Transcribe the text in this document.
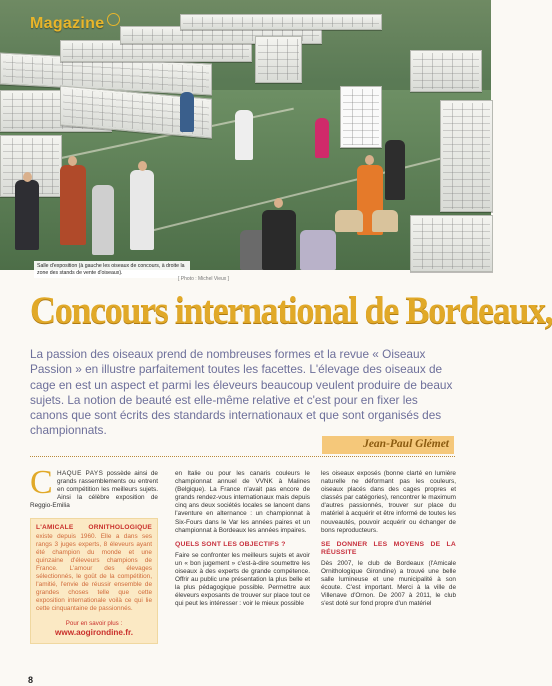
Magazine
Salle d'exposition (à gauche les oiseaux de concours, à droite la zone des stands de vente d'oiseaux).
[ Photo : Michel Vieux ]
Concours international de Bordeaux,

La passion des oiseaux prend de nombreuses formes et la revue « Oiseaux Passion » en illustre parfaitement toutes les facettes. L'élevage des oiseaux de cage en est un aspect et parmi les éleveurs beaucoup veulent produire de beaux sujets. La notion de beauté est elle-même relative et c'est pour en fixer les canons que sont écrits des standards internationaux et que sont organisés des championnats.

Jean-Paul Glémet

C HAQUE PAYS possède ainsi de grands rassemblements ou entrent en compétition les meilleurs sujets. Ainsi la célèbre exposition de Reggio-Emilia

L'AMICALE ORNITHOLOGIQUE existe depuis 1960. Elle a dans ses rangs 3 juges experts, 8 éleveurs ayant été champion du monde et une quinzaine d'éleveurs champions de France. L'amour des élevages sélectionnés, le goût de la compétition, l'amitié, l'envie de réussir ensemble de grandes choses telle que cette exposition internationale voilà ce qui lie cette cinquantaine de passionnés.
Pour en savoir plus :
www.aogirondine.fr.

en Italie ou pour les canaris couleurs le championnat annuel de VVNK à Malines (Belgique). La France n'avait pas encore de grands rendez-vous internationaux mais depuis cinq ans deux sociétés locales se lancent dans l'aventure en alternance : un championnat à Six-Fours dans le Var les années paires et un championnat à Bordeaux les années impaires.

QUELS SONT LES OBJECTIFS ?

Faire se confronter les meilleurs sujets et avoir un « bon jugement » c'est-à-dire soumettre les oiseaux à des experts de grande compétence. Offrir au public une présentation la plus belle et la plus pédagogique possible. Permettre aux éleveurs exposants de trouver sur place tout ce qui peut les intéresser : voir le mieux possible

les oiseaux exposés (bonne clarté en lumière naturelle ne déformant pas les couleurs, oiseaux placés dans des cages propres et classés par catégories), rencontrer le maximum d'autres passionnés, trouver sur place du matériel à acquérir et être informé de toutes les nouveautés, pouvoir acquérir ou échanger de bons reproducteurs.

SE DONNER LES MOYENS DE LA RÉUSSITE

Dès 2007, le club de Bordeaux (l'Amicale Ornithologique Girondine) a trouvé une belle salle lumineuse et une municipalité à son écoute. C'est important. Merci à la ville de Villenave d'Ornon. De 2007 à 2011, le club s'est doté sur fond propre d'un matériel

8
